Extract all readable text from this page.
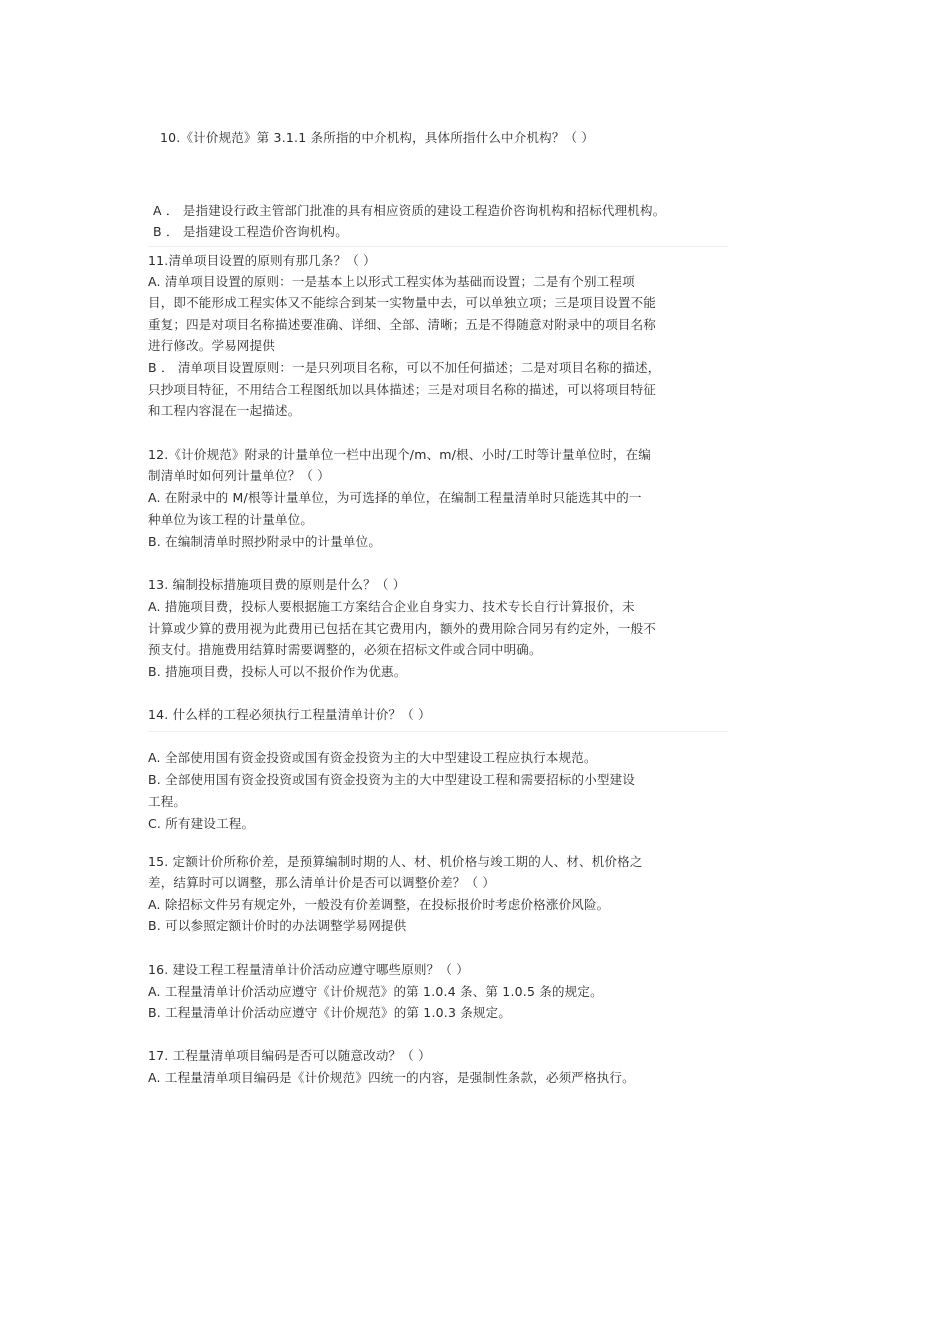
10.《计价规范》第 3.1.1 条所指的中介机构，具体所指什么中介机构？（ ）
A ． 是指建设行政主管部门批准的具有相应资质的建设工程造价咨询机构和招标代理机构。
B ． 是指建设工程造价咨询机构。
11.清单项目设置的原则有那几条？（ ）
A. 清单项目设置的原则：一是基本上以形式工程实体为基础而设置；二是有个别工程项
目，即不能形成工程实体又不能综合到某一实物量中去，可以单独立项；三是项目设置不能
重复；四是对项目名称描述要准确、详细、全部、清晰；五是不得随意对附录中的项目名称
进行修改。学易网提供
B ． 清单项目设置原则：一是只列项目名称，可以不加任何描述；二是对项目名称的描述，
只抄项目特征，不用结合工程图纸加以具体描述；三是对项目名称的描述，可以将项目特征
和工程内容混在一起描述。
12.《计价规范》附录的计量单位一栏中出现个/m、m/根、小时/工时等计量单位时，在编
制清单时如何列计量单位？（ ）
A. 在附录中的 M/根等计量单位，为可选择的单位，在编制工程量清单时只能选其中的一
种单位为该工程的计量单位。
B. 在编制清单时照抄附录中的计量单位。
13. 编制投标措施项目费的原则是什么？（ ）
A. 措施项目费，投标人要根据施工方案结合企业自身实力、技术专长自行计算报价，未
计算或少算的费用视为此费用已包括在其它费用内，额外的费用除合同另有约定外，一般不
预支付。措施费用结算时需要调整的，必须在招标文件或合同中明确。
B. 措施项目费，投标人可以不报价作为优惠。
14. 什么样的工程必须执行工程量清单计价？（ ）
A. 全部使用国有资金投资或国有资金投资为主的大中型建设工程应执行本规范。
B. 全部使用国有资金投资或国有资金投资为主的大中型建设工程和需要招标的小型建设
工程。
C. 所有建设工程。
15. 定额计价所称价差，是预算编制时期的人、材、机价格与竣工期的人、材、机价格之
差，结算时可以调整，那么清单计价是否可以调整价差？（ ）
A. 除招标文件另有规定外，一般没有价差调整，在投标报价时考虑价格涨价风险。
B. 可以参照定额计价时的办法调整学易网提供
16. 建设工程工程量清单计价活动应遵守哪些原则？（ ）
A. 工程量清单计价活动应遵守《计价规范》的第 1.0.4 条、第 1.0.5 条的规定。
B. 工程量清单计价活动应遵守《计价规范》的第 1.0.3 条规定。
17. 工程量清单项目编码是否可以随意改动？（ ）
A. 工程量清单项目编码是《计价规范》四统一的内容，是强制性条款，必须严格执行。
